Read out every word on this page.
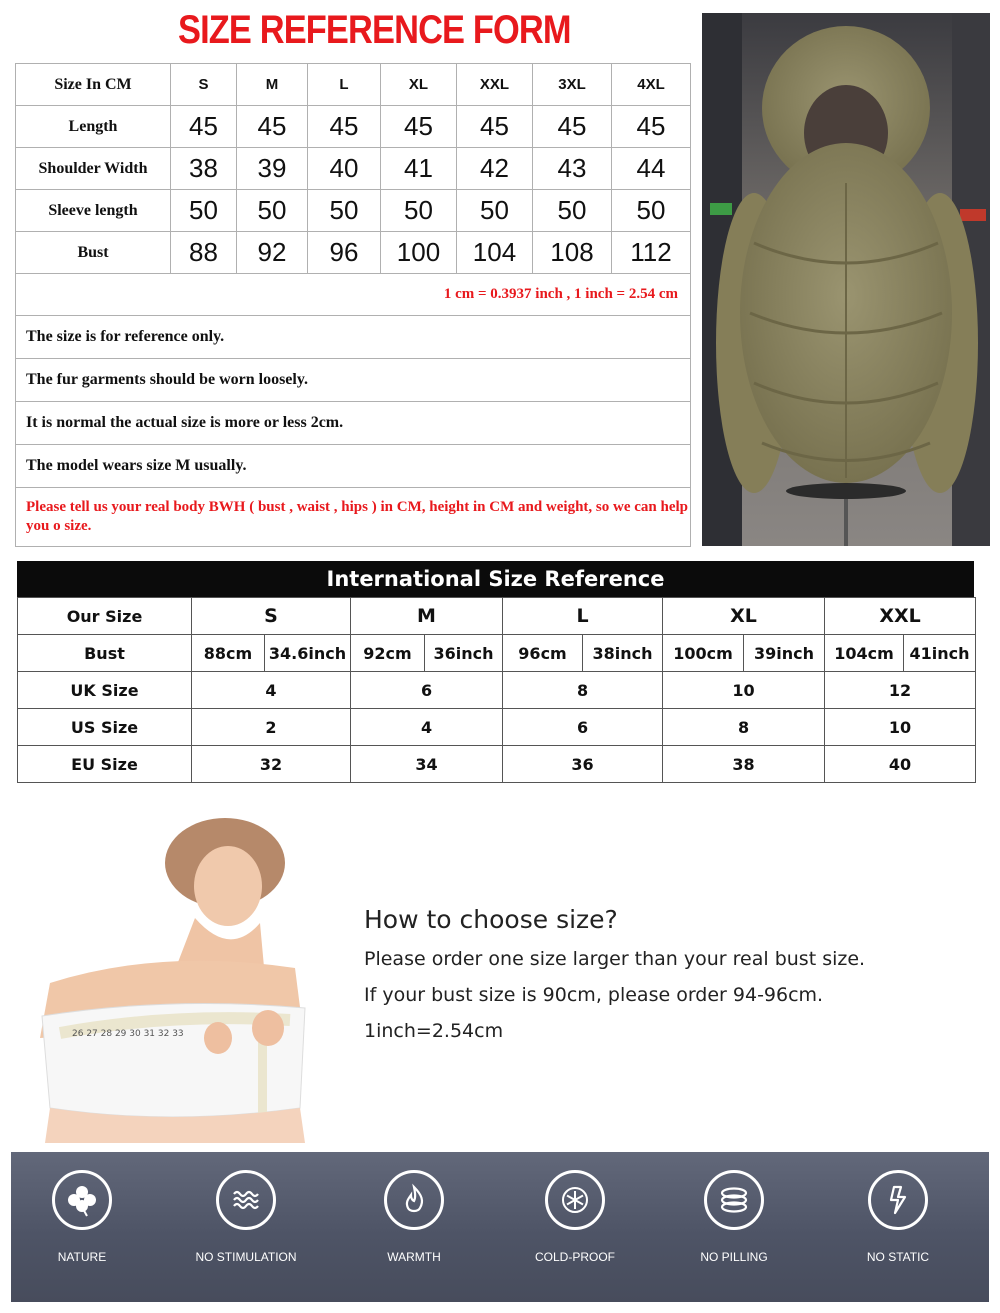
SIZE REFERENCE FORM
Size In CM	S	M	L	XL	XXL	3XL	4XL
Length	45	45	45	45	45	45	45
Shoulder Width	38	39	40	41	42	43	44
Sleeve length	50	50	50	50	50	50	50
Bust	88	92	96	100	104	108	112
1 cm = 0.3937 inch , 1 inch = 2.54 cm							
The size is for reference only.							
The fur garments should be worn loosely.							
It is normal the actual size is more or less 2cm.							
The model wears size M usually.							
Please tell us your real body BWH ( bust , waist , hips ) in CM, height in CM and weight, so we can help you o size.							
International Size Reference
Our Size	S		M		L		XL		XXL	
Bust	88cm	34.6inch	92cm	36inch	96cm	38inch	100cm	39inch	104cm	41inch
UK Size	4		6		8		10		12	
US Size	2		4		6		8		10	
EU Size	32		34		36		38		40	
26 27 28 29 30 31 32 33
How to choose size?

Please order one size larger than your real bust size.

If your bust size is 90cm, please order 94-96cm.

1inch=2.54cm

NATURE	NO STIMULATION	WARMTH	COLD-PROOF	NO PILLING	NO STATIC
